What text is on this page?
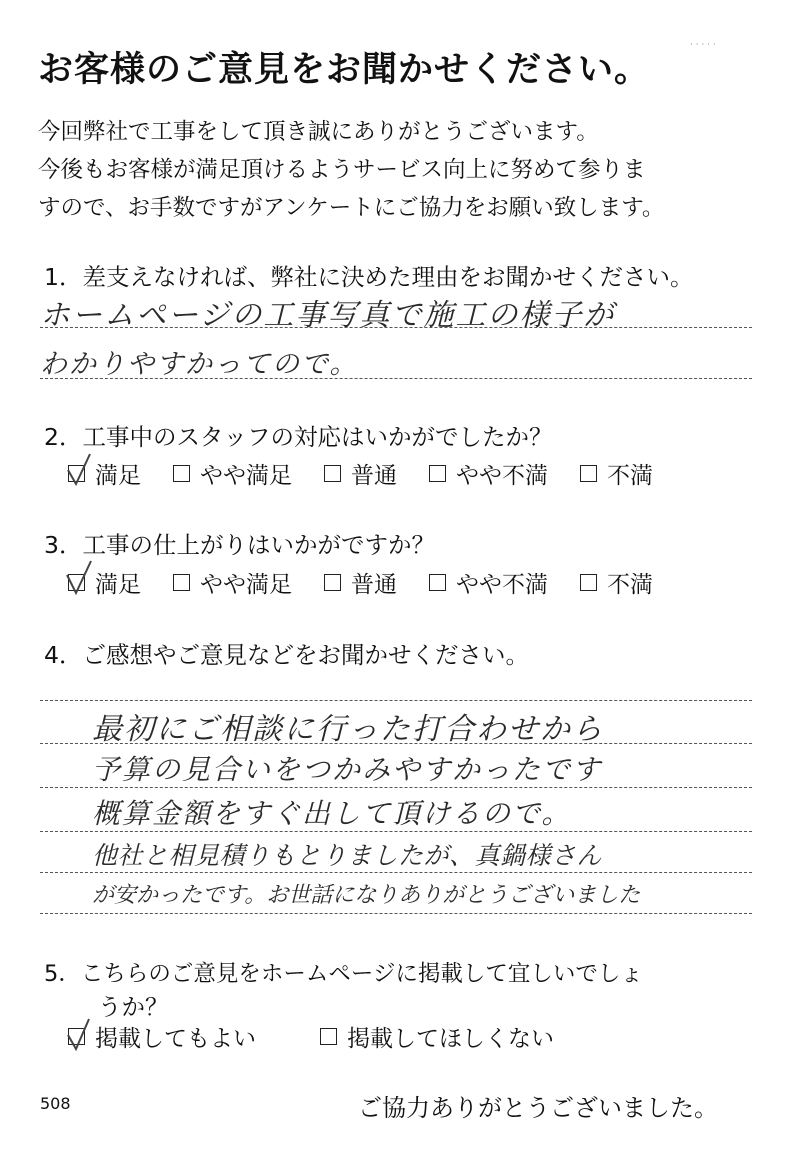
· · · · ·
お客様のご意見をお聞かせください。
今回弊社で工事をして頂き誠にありがとうございます。
今後もお客様が満足頂けるようサービス向上に努めて参りま
すので、お手数ですがアンケートにご協力をお願い致します。
1．差支えなければ、弊社に決めた理由をお聞かせください。
ホームページの工事写真で施工の様子が
わかりやすかってので。
2．工事中のスタッフの対応はいかがでしたか？
満足	やや満足	普通	やや不満	不満
3．工事の仕上がりはいかがですか？
満足	やや満足	普通	やや不満	不満
4．ご感想やご意見などをお聞かせください。
最初にご相談に行った打合わせから
予算の見合いをつかみやすかったです
概算金額をすぐ出して頂けるので。
他社と相見積りもとりましたが、真鍋様さん
が安かったです。お世話になりありがとうございました
5．こちらのご意見をホームページに掲載して宜しいでしょ
うか？
掲載してもよい	掲載してほしくない
508	ご協力ありがとうございました。
